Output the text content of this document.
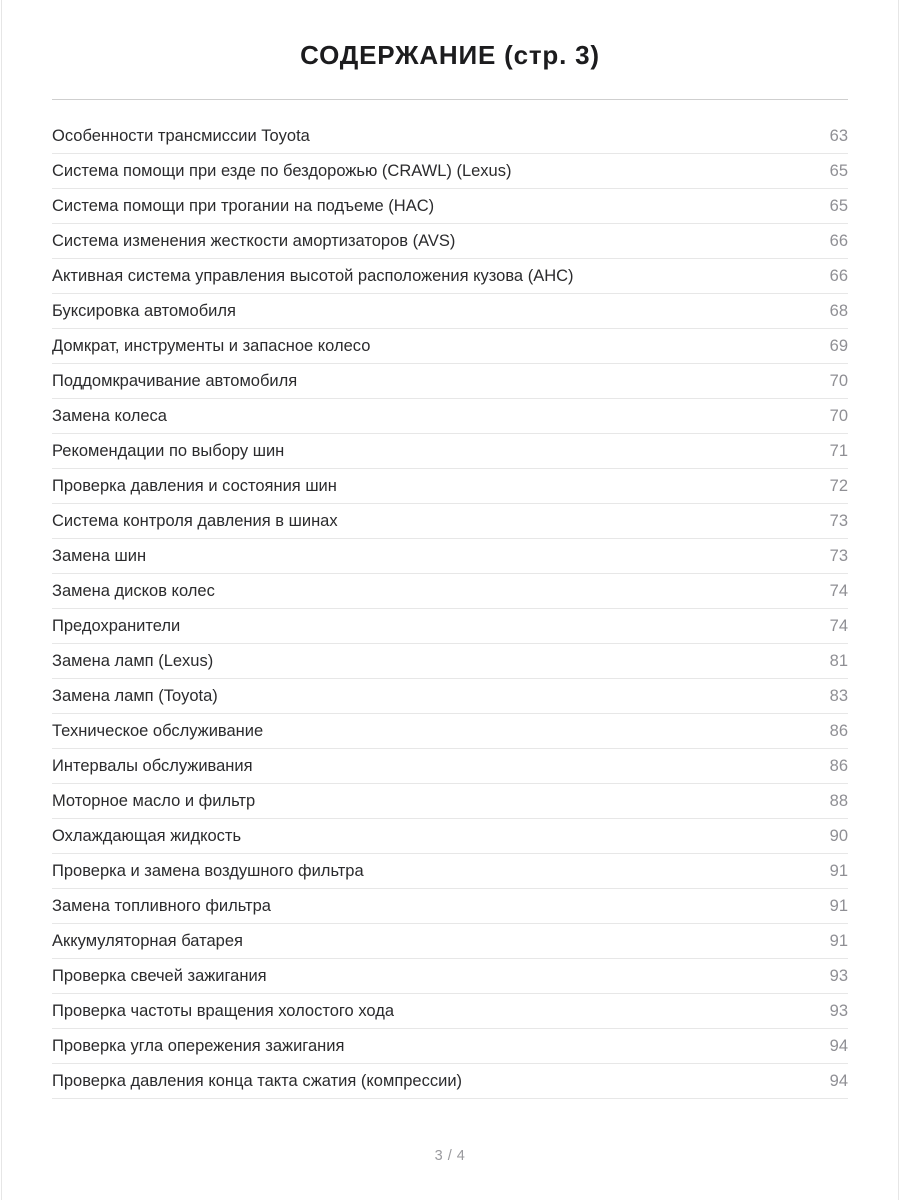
СОДЕРЖАНИЕ (стр. 3)
Особенности трансмиссии Toyota	63
Система помощи при езде по бездорожью (CRAWL) (Lexus)	65
Система помощи при трогании на подъеме (HAC)	65
Система изменения жесткости амортизаторов (AVS)	66
Активная система управления высотой расположения кузова (AHC)	66
Буксировка автомобиля	68
Домкрат, инструменты и запасное колесо	69
Поддомкрачивание автомобиля	70
Замена колеса	70
Рекомендации по выбору шин	71
Проверка давления и состояния шин	72
Система контроля давления в шинах	73
Замена шин	73
Замена дисков колес	74
Предохранители	74
Замена ламп (Lexus)	81
Замена ламп (Toyota)	83
Техническое обслуживание	86
Интервалы обслуживания	86
Моторное масло и фильтр	88
Охлаждающая жидкость	90
Проверка и замена воздушного фильтра	91
Замена топливного фильтра	91
Аккумуляторная батарея	91
Проверка свечей зажигания	93
Проверка частоты вращения холостого хода	93
Проверка угла опережения зажигания	94
Проверка давления конца такта сжатия (компрессии)	94
3 / 4
